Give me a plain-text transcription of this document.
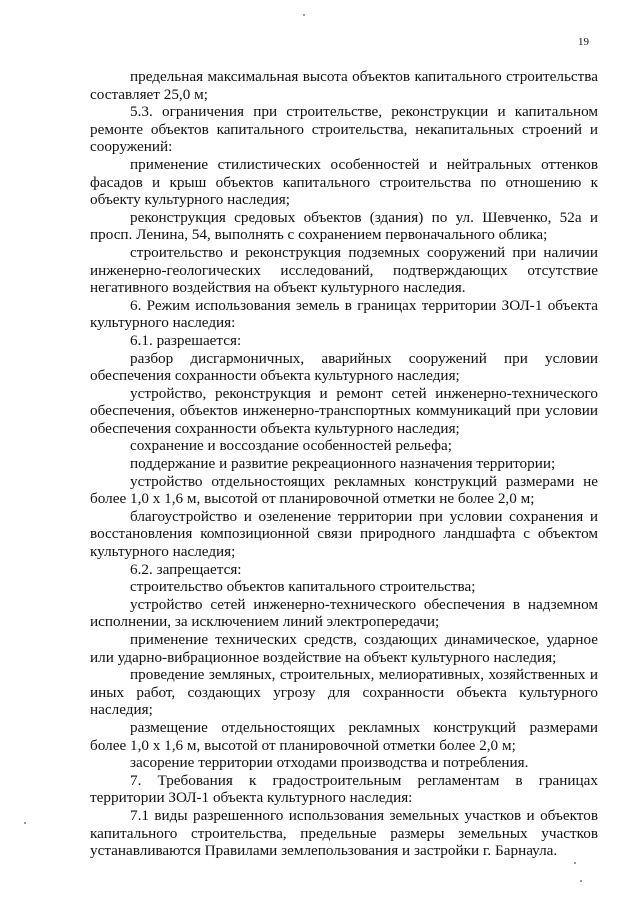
19

предельная максимальная высота объектов капитального строительства составляет 25,0 м;

5.3. ограничения при строительстве, реконструкции и капитальном ремонте объектов капитального строительства, некапитальных строений и сооружений:

применение стилистических особенностей и нейтральных оттенков фасадов и крыш объектов капитального строительства по отношению к объекту культурного наследия;

реконструкция средовых объектов (здания) по ул. Шевченко, 52а и просп. Ленина, 54, выполнять с сохранением первоначального облика;

строительство и реконструкция подземных сооружений при наличии инженерно-геологических исследований, подтверждающих отсутствие негативного воздействия на объект культурного наследия.

6. Режим использования земель в границах территории ЗОЛ-1 объекта культурного наследия:

6.1. разрешается:

разбор дисгармоничных, аварийных сооружений при условии обеспечения сохранности объекта культурного наследия;

устройство, реконструкция и ремонт сетей инженерно-технического обеспечения, объектов инженерно-транспортных коммуникаций при условии обеспечения сохранности объекта культурного наследия;

сохранение и воссоздание особенностей рельефа;

поддержание и развитие рекреационного назначения территории;

устройство отдельностоящих рекламных конструкций размерами не более 1,0 х 1,6 м, высотой от планировочной отметки не более 2,0 м;

благоустройство и озеленение территории при условии сохранения и восстановления композиционной связи природного ландшафта с объектом культурного наследия;

6.2. запрещается:

строительство объектов капитального строительства;

устройство сетей инженерно-технического обеспечения в надземном исполнении, за исключением линий электропередачи;

применение технических средств, создающих динамическое, ударное или ударно-вибрационное воздействие на объект культурного наследия;

проведение земляных, строительных, мелиоративных, хозяйственных и иных работ, создающих угрозу для сохранности объекта культурного наследия;

размещение отдельностоящих рекламных конструкций размерами более 1,0 х 1,6 м, высотой от планировочной отметки более 2,0 м;

засорение территории отходами производства и потребления.

7. Требования к градостроительным регламентам в границах территории ЗОЛ-1 объекта культурного наследия:

7.1 виды разрешенного использования земельных участков и объектов капитального строительства, предельные размеры земельных участков устанавливаются Правилами землепользования и застройки г. Барнаула.
